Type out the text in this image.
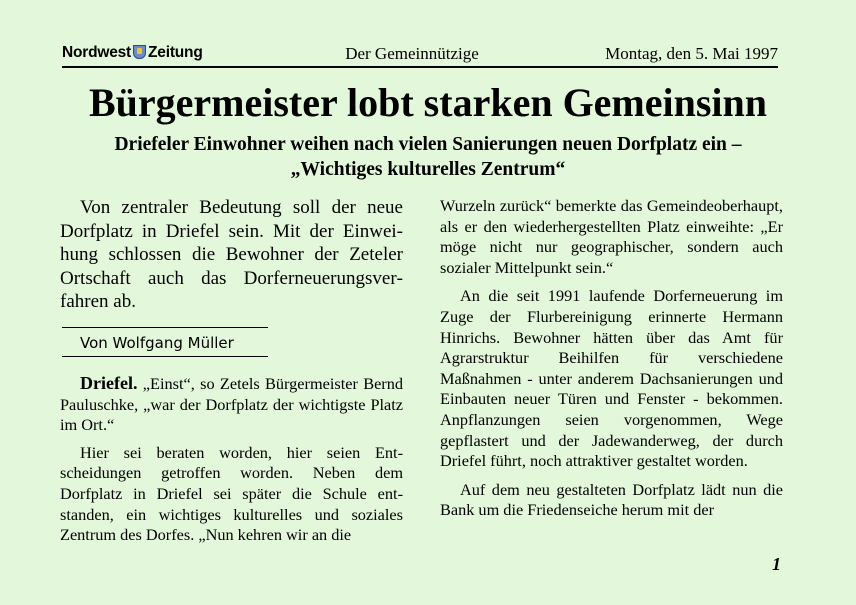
Nordwest Zeitung	Der Gemeinnützige	Montag, den 5. Mai 1997
Bürgermeister lobt starken Gemeinsinn
Driefeler Einwohner weihen nach vielen Sanierungen neuen Dorfplatz ein –
„Wichtiges kulturelles Zentrum“
Von zentraler Bedeutung soll der neue Dorfplatz in Driefel sein. Mit der Einweihung schlossen die Bewohner der Zeteler Ortschaft auch das Dorferneuerungsverfahren ab.
Von Wolfgang Müller

Driefel. „Einst“, so Zetels Bürgermeister Bernd Pauluschke, „war der Dorfplatz der wichtigste Platz im Ort.“

Hier sei beraten worden, hier seien Entscheidungen getroffen worden. Neben dem Dorfplatz in Driefel sei später die Schule entstanden, ein wichtiges kulturelles und soziales Zentrum des Dorfes. „Nun kehren wir an die

Wurzeln zurück“ bemerkte das Gemeindeoberhaupt, als er den wiederhergestellten Platz einweihte: „Er möge nicht nur geographischer, sondern auch sozialer Mittelpunkt sein.“

An die seit 1991 laufende Dorferneuerung im Zuge der Flurbereinigung erinnerte Hermann Hinrichs. Bewohner hätten über das Amt für Agrarstruktur Beihilfen für verschiedene Maßnahmen - unter anderem Dachsanierungen und Einbauten neuer Türen und Fenster - bekommen. Anpflanzungen seien vorgenommen, Wege gepflastert und der Jadewanderweg, der durch Driefel führt, noch attraktiver gestaltet worden.

Auf dem neu gestalteten Dorfplatz lädt nun die Bank um die Friedenseiche herum mit der

1
